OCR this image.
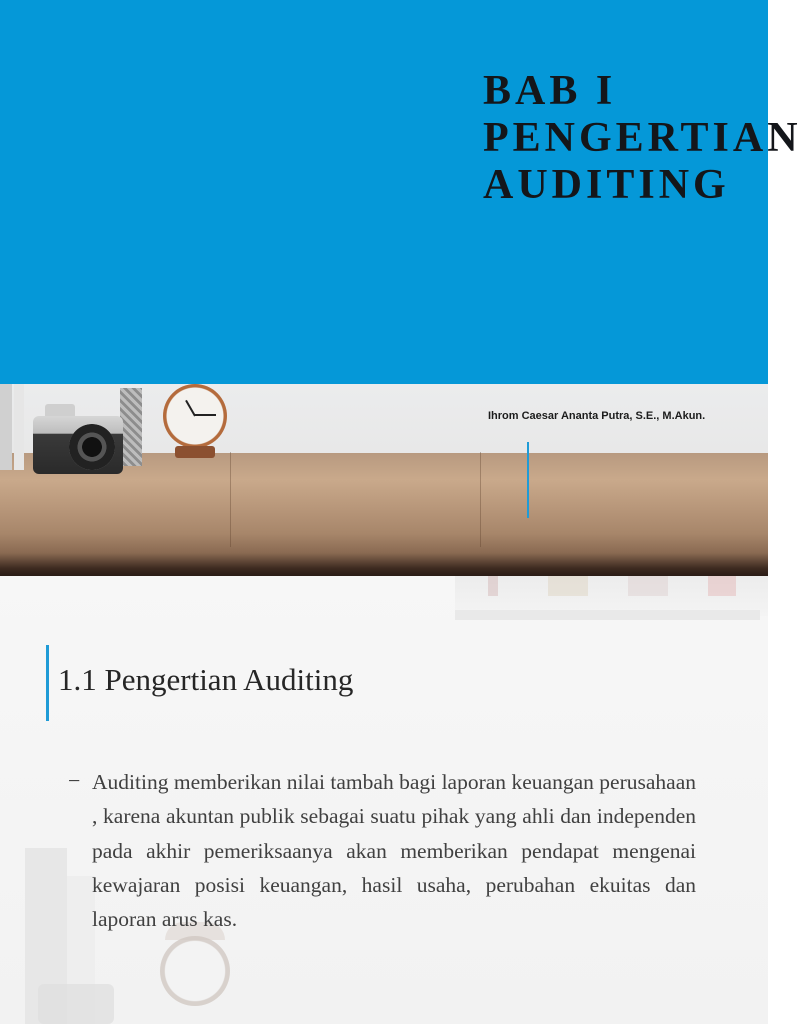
BAB I
PENGERTIAN
AUDITING
Ihrom Caesar Ananta Putra, S.E., M.Akun.
1.1 Pengertian Auditing
− Auditing memberikan nilai tambah bagi laporan keuangan perusahaan , karena akuntan publik sebagai suatu pihak yang ahli dan independen pada akhir pemeriksaanya akan memberikan pendapat mengenai kewajaran posisi keuangan, hasil usaha, perubahan ekuitas dan laporan arus kas.
